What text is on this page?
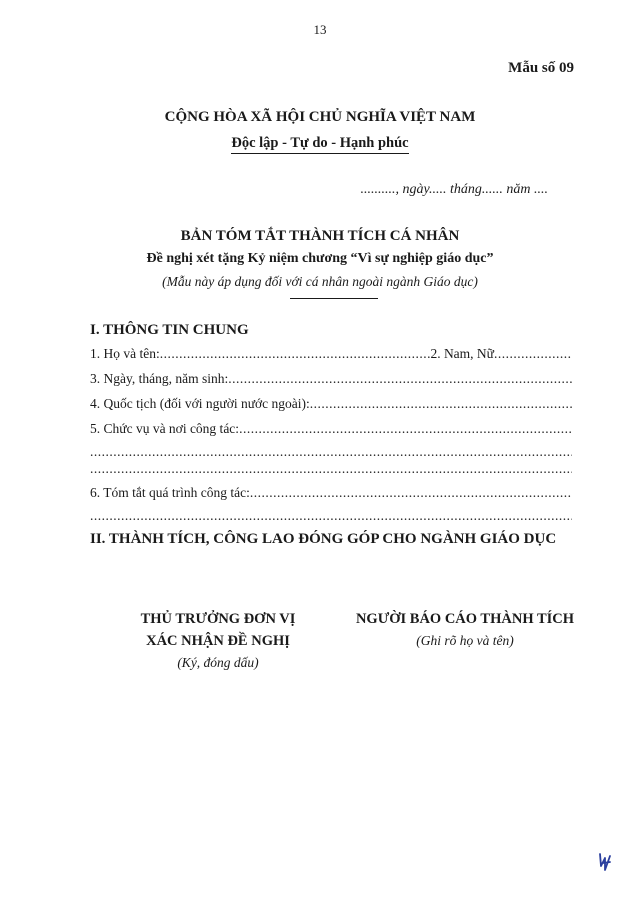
13
Mẫu số 09
CỘNG HÒA XÃ HỘI CHỦ NGHĨA VIỆT NAM
Độc lập - Tự do - Hạnh phúc
.........., ngày..... tháng...... năm ....
BẢN TÓM TẮT THÀNH TÍCH CÁ NHÂN
Đề nghị xét tặng Kỷ niệm chương “Vì sự nghiệp giáo dục”
(Mẫu này áp dụng đối với cá nhân ngoài ngành Giáo dục)
I. THÔNG TIN CHUNG
1. Họ và tên:
.....	2. Nam, Nữ
.....
3. Ngày, tháng, năm sinh:
.....
4. Quốc tịch (đối với người nước ngoài):
.....
5. Chức vụ và nơi công tác:
.....
.....
.....
6. Tóm tắt quá trình công tác:
.....
.....
II. THÀNH TÍCH, CÔNG LAO ĐÓNG GÓP CHO NGÀNH GIÁO DỤC
THỦ TRƯỞNG ĐƠN VỊ
XÁC NHẬN ĐỀ NGHỊ
(Ký, đóng dấu)
NGƯỜI BÁO CÁO THÀNH TÍCH
(Ghi rõ họ và tên)
